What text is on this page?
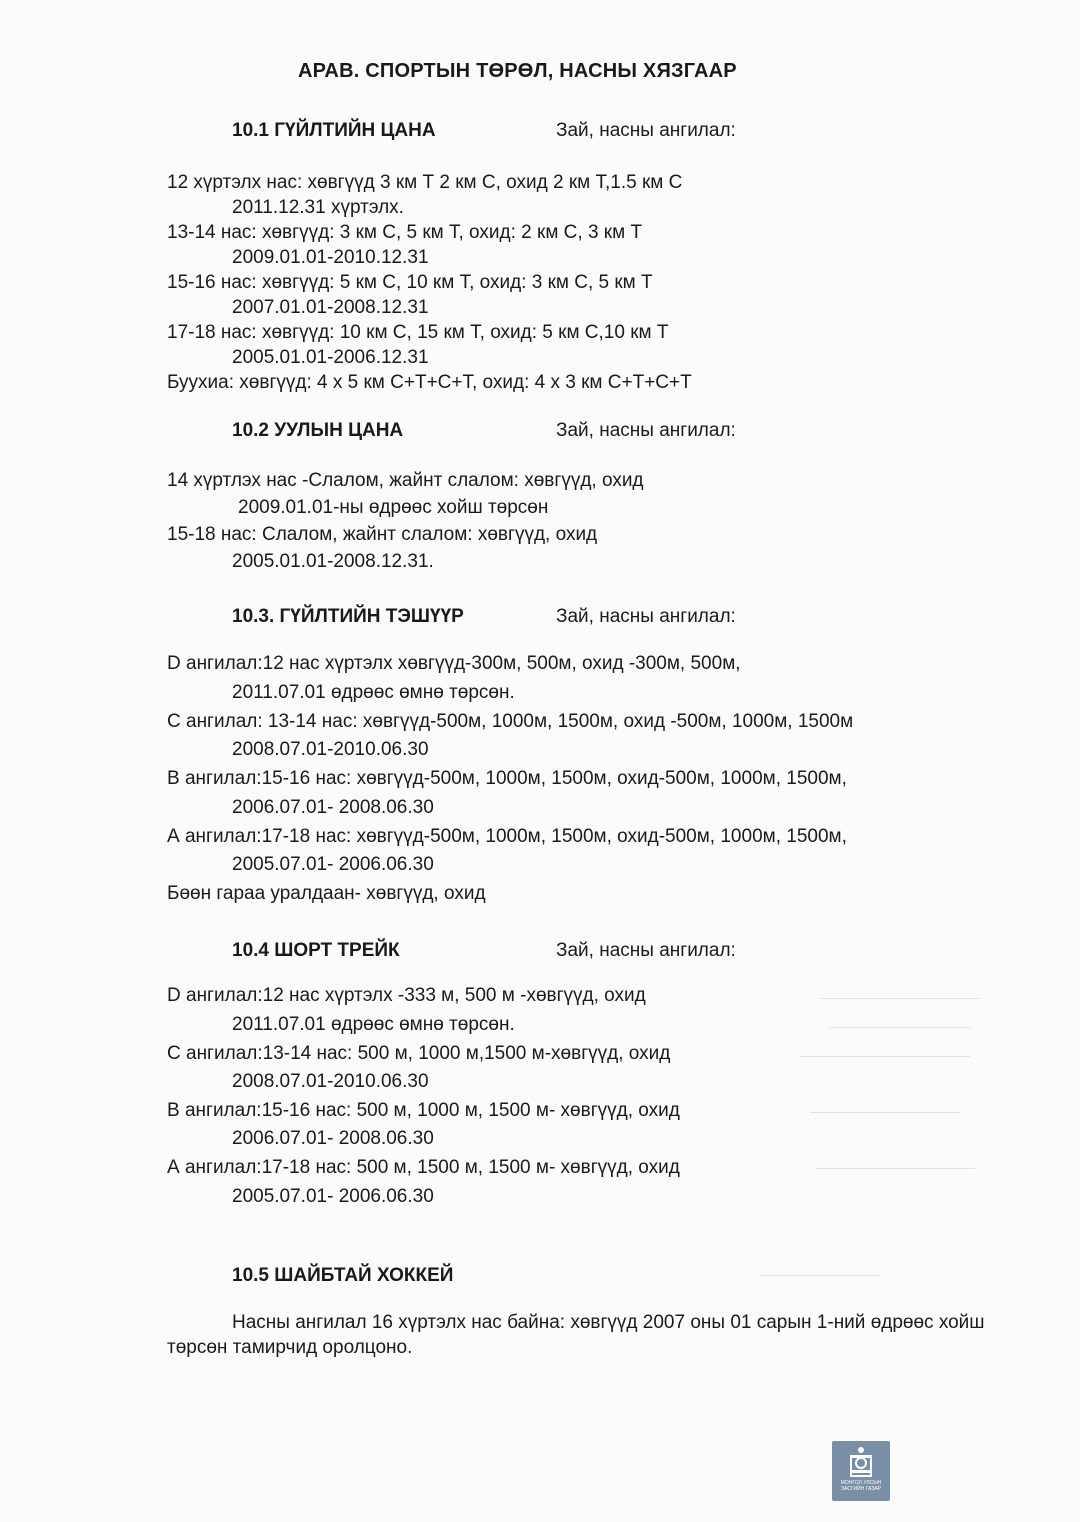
АРАВ. СПОРТЫН ТӨРӨЛ, НАСНЫ ХЯЗГААР
10.1 ГҮЙЛТИЙН ЦАНА	Зай, насны ангилал:
12 хүртэлх нас: хөвгүүд 3 км Т 2 км С, охид 2 км Т,1.5 км С
2011.12.31 хүртэлх.
13-14 нас: хөвгүүд: 3 км С, 5 км Т, охид: 2 км С, 3 км Т
2009.01.01-2010.12.31
15-16 нас: хөвгүүд: 5 км С, 10 км Т, охид: 3 км С, 5 км Т
2007.01.01-2008.12.31
17-18 нас: хөвгүүд: 10 км С, 15 км Т, охид: 5 км С,10 км Т
2005.01.01-2006.12.31
Буухиа: хөвгүүд: 4 x 5 км С+Т+С+Т, охид: 4 x 3 км С+Т+С+Т
10.2 УУЛЫН ЦАНА	Зай, насны ангилал:
14 хүртлэх нас -Слалом, жайнт слалом: хөвгүүд, охид
2009.01.01-ны өдрөөс хойш төрсөн
15-18 нас: Слалом, жайнт слалом: хөвгүүд, охид
2005.01.01-2008.12.31.
10.3. ГҮЙЛТИЙН ТЭШҮҮР	Зай, насны ангилал:
D ангилал:12 нас хүртэлх хөвгүүд-300м, 500м, охид -300м, 500м,
2011.07.01 өдрөөс өмнө төрсөн.
С ангилал: 13-14 нас: хөвгүүд-500м, 1000м, 1500м, охид -500м, 1000м, 1500м
2008.07.01-2010.06.30
В ангилал:15-16 нас: хөвгүүд-500м, 1000м, 1500м, охид-500м, 1000м, 1500м,
2006.07.01- 2008.06.30
А ангилал:17-18 нас: хөвгүүд-500м, 1000м, 1500м, охид-500м, 1000м, 1500м,
2005.07.01- 2006.06.30
Бөөн гараа уралдаан- хөвгүүд, охид
10.4 ШОРТ ТРЕЙК	Зай, насны ангилал:
D ангилал:12 нас хүртэлх -333 м, 500 м -хөвгүүд, охид
2011.07.01 өдрөөс өмнө төрсөн.
С ангилал:13-14 нас: 500 м, 1000 м,1500 м-хөвгүүд, охид
2008.07.01-2010.06.30
В ангилал:15-16 нас: 500 м, 1000 м, 1500 м- хөвгүүд, охид
2006.07.01- 2008.06.30
А ангилал:17-18 нас: 500 м, 1500 м, 1500 м- хөвгүүд, охид
2005.07.01- 2006.06.30
10.5 ШАЙБТАЙ ХОККЕЙ
Насны ангилал 16 хүртэлх нас байна: хөвгүүд 2007 оны 01 сарын 1-ний өдрөөс хойш төрсөн тамирчид оролцоно.
МОНГОЛ УЛСЫН ЗАСГИЙН ГАЗАР
